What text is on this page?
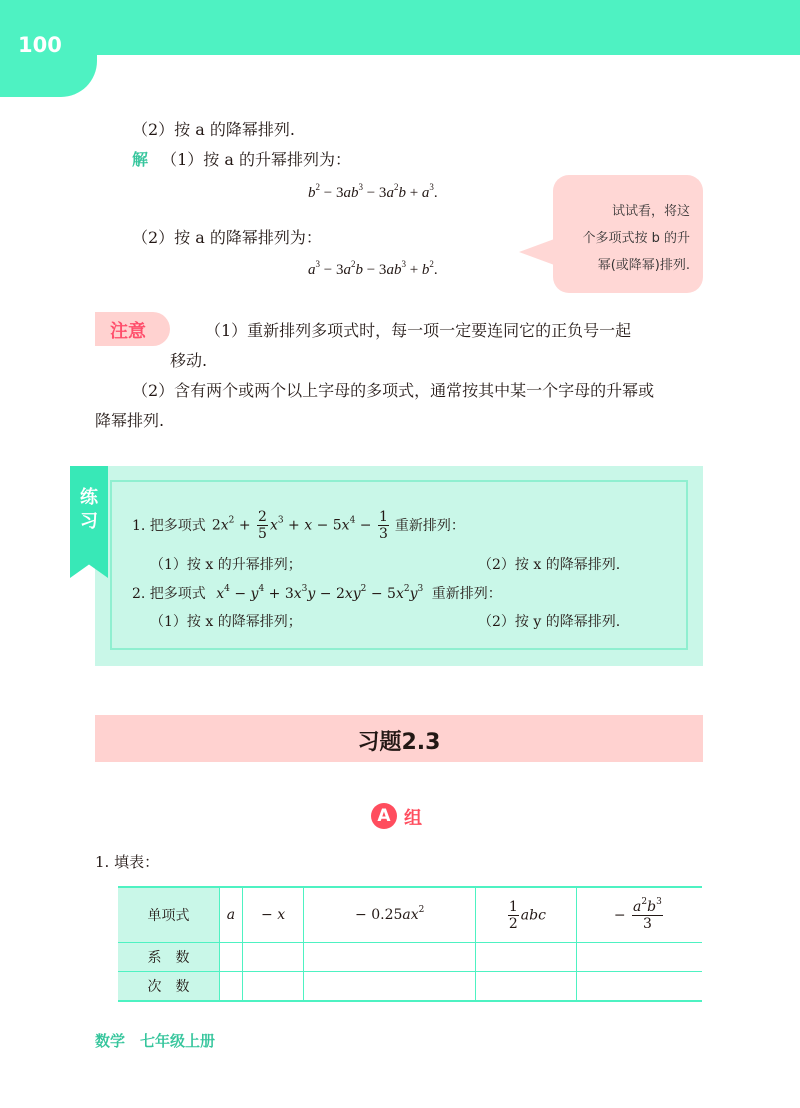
100
（2）按 a 的降幂排列.
解 （1）按 a 的升幂排列为：
$b^2 - 3ab^3 - 3a^2b + a^3$.
（2）按 a 的降幂排列为：
$a^3 - 3a^2b - 3ab^3 + b^2$.
试试看，将这
个多项式按 b 的升
幂(或降幂)排列.
注意	（1）重新排列多项式时，每一项一定要连同它的正负号一起
移动.
（2）含有两个或两个以上字母的多项式，通常按其中某一个字母的升幂或
降幂排列.
练习 1. 把多项式 $2x^2 + \frac{2}{5} x^3 + x - 5x^4 - \frac{1}{3}$ 重新排列：
（1）按 x 的升幂排列；	（2）按 x 的降幂排列.
2. 把多项式 $x^4 - y^4 + 3x^3y - 2xy^2 - 5x^2y^3$ 重新排列：
（1）按 x 的降幂排列；	（2）按 y 的降幂排列.
习题2.3
A 组
1. 填表：
单项式	a	− x	− $0.25ax^2$	$\frac{1}{2}$ abc	− $\frac{a^2b^3}{3}$

系　数					
次　数					
数学　七年级上册
